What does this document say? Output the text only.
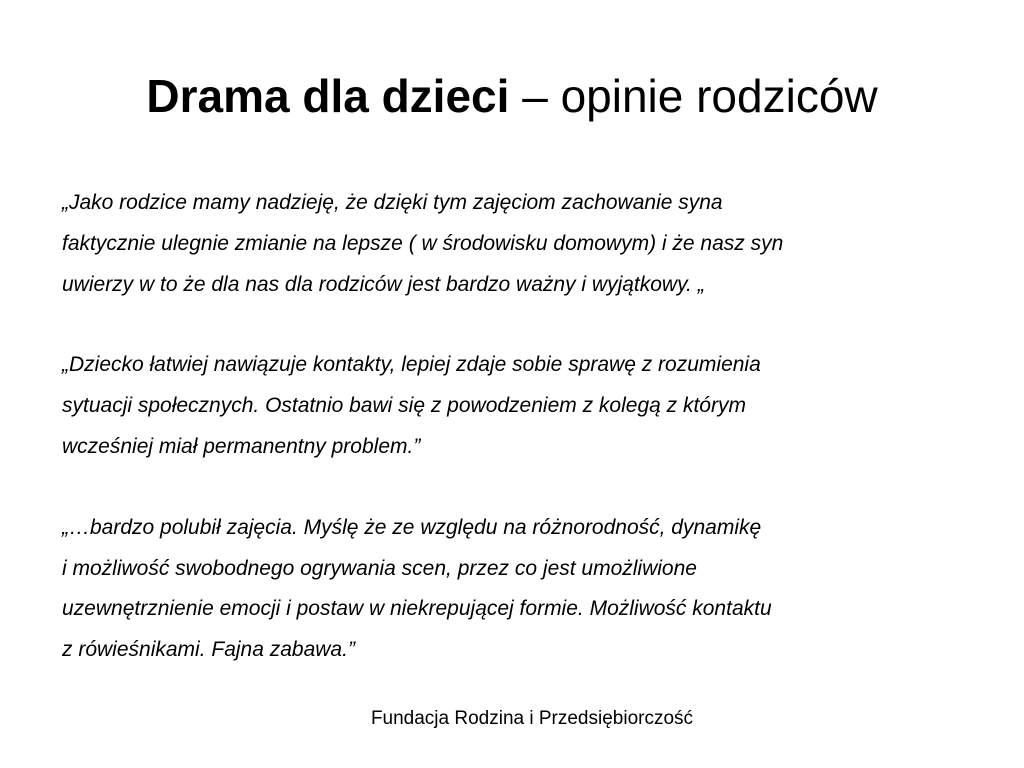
Drama dla dzieci – opinie rodziców

„Jako rodzice mamy nadzieję, że dzięki tym zajęciom zachowanie syna
faktycznie ulegnie zmianie na lepsze ( w środowisku domowym) i że nasz syn
uwierzy w to że dla nas dla rodziców jest bardzo ważny i wyjątkowy. „

„Dziecko łatwiej nawiązuje kontakty, lepiej zdaje sobie sprawę z rozumienia
sytuacji społecznych. Ostatnio bawi się z powodzeniem z kolegą z którym
wcześniej miał permanentny problem.”

„…bardzo polubił zajęcia. Myślę że ze względu na różnorodność, dynamikę
i możliwość swobodnego ogrywania scen, przez co jest umożliwione
uzewnętrznienie emocji i postaw w niekrepującej formie. Możliwość kontaktu
z rówieśnikami. Fajna zabawa.”

Fundacja Rodzina i Przedsiębiorczość
